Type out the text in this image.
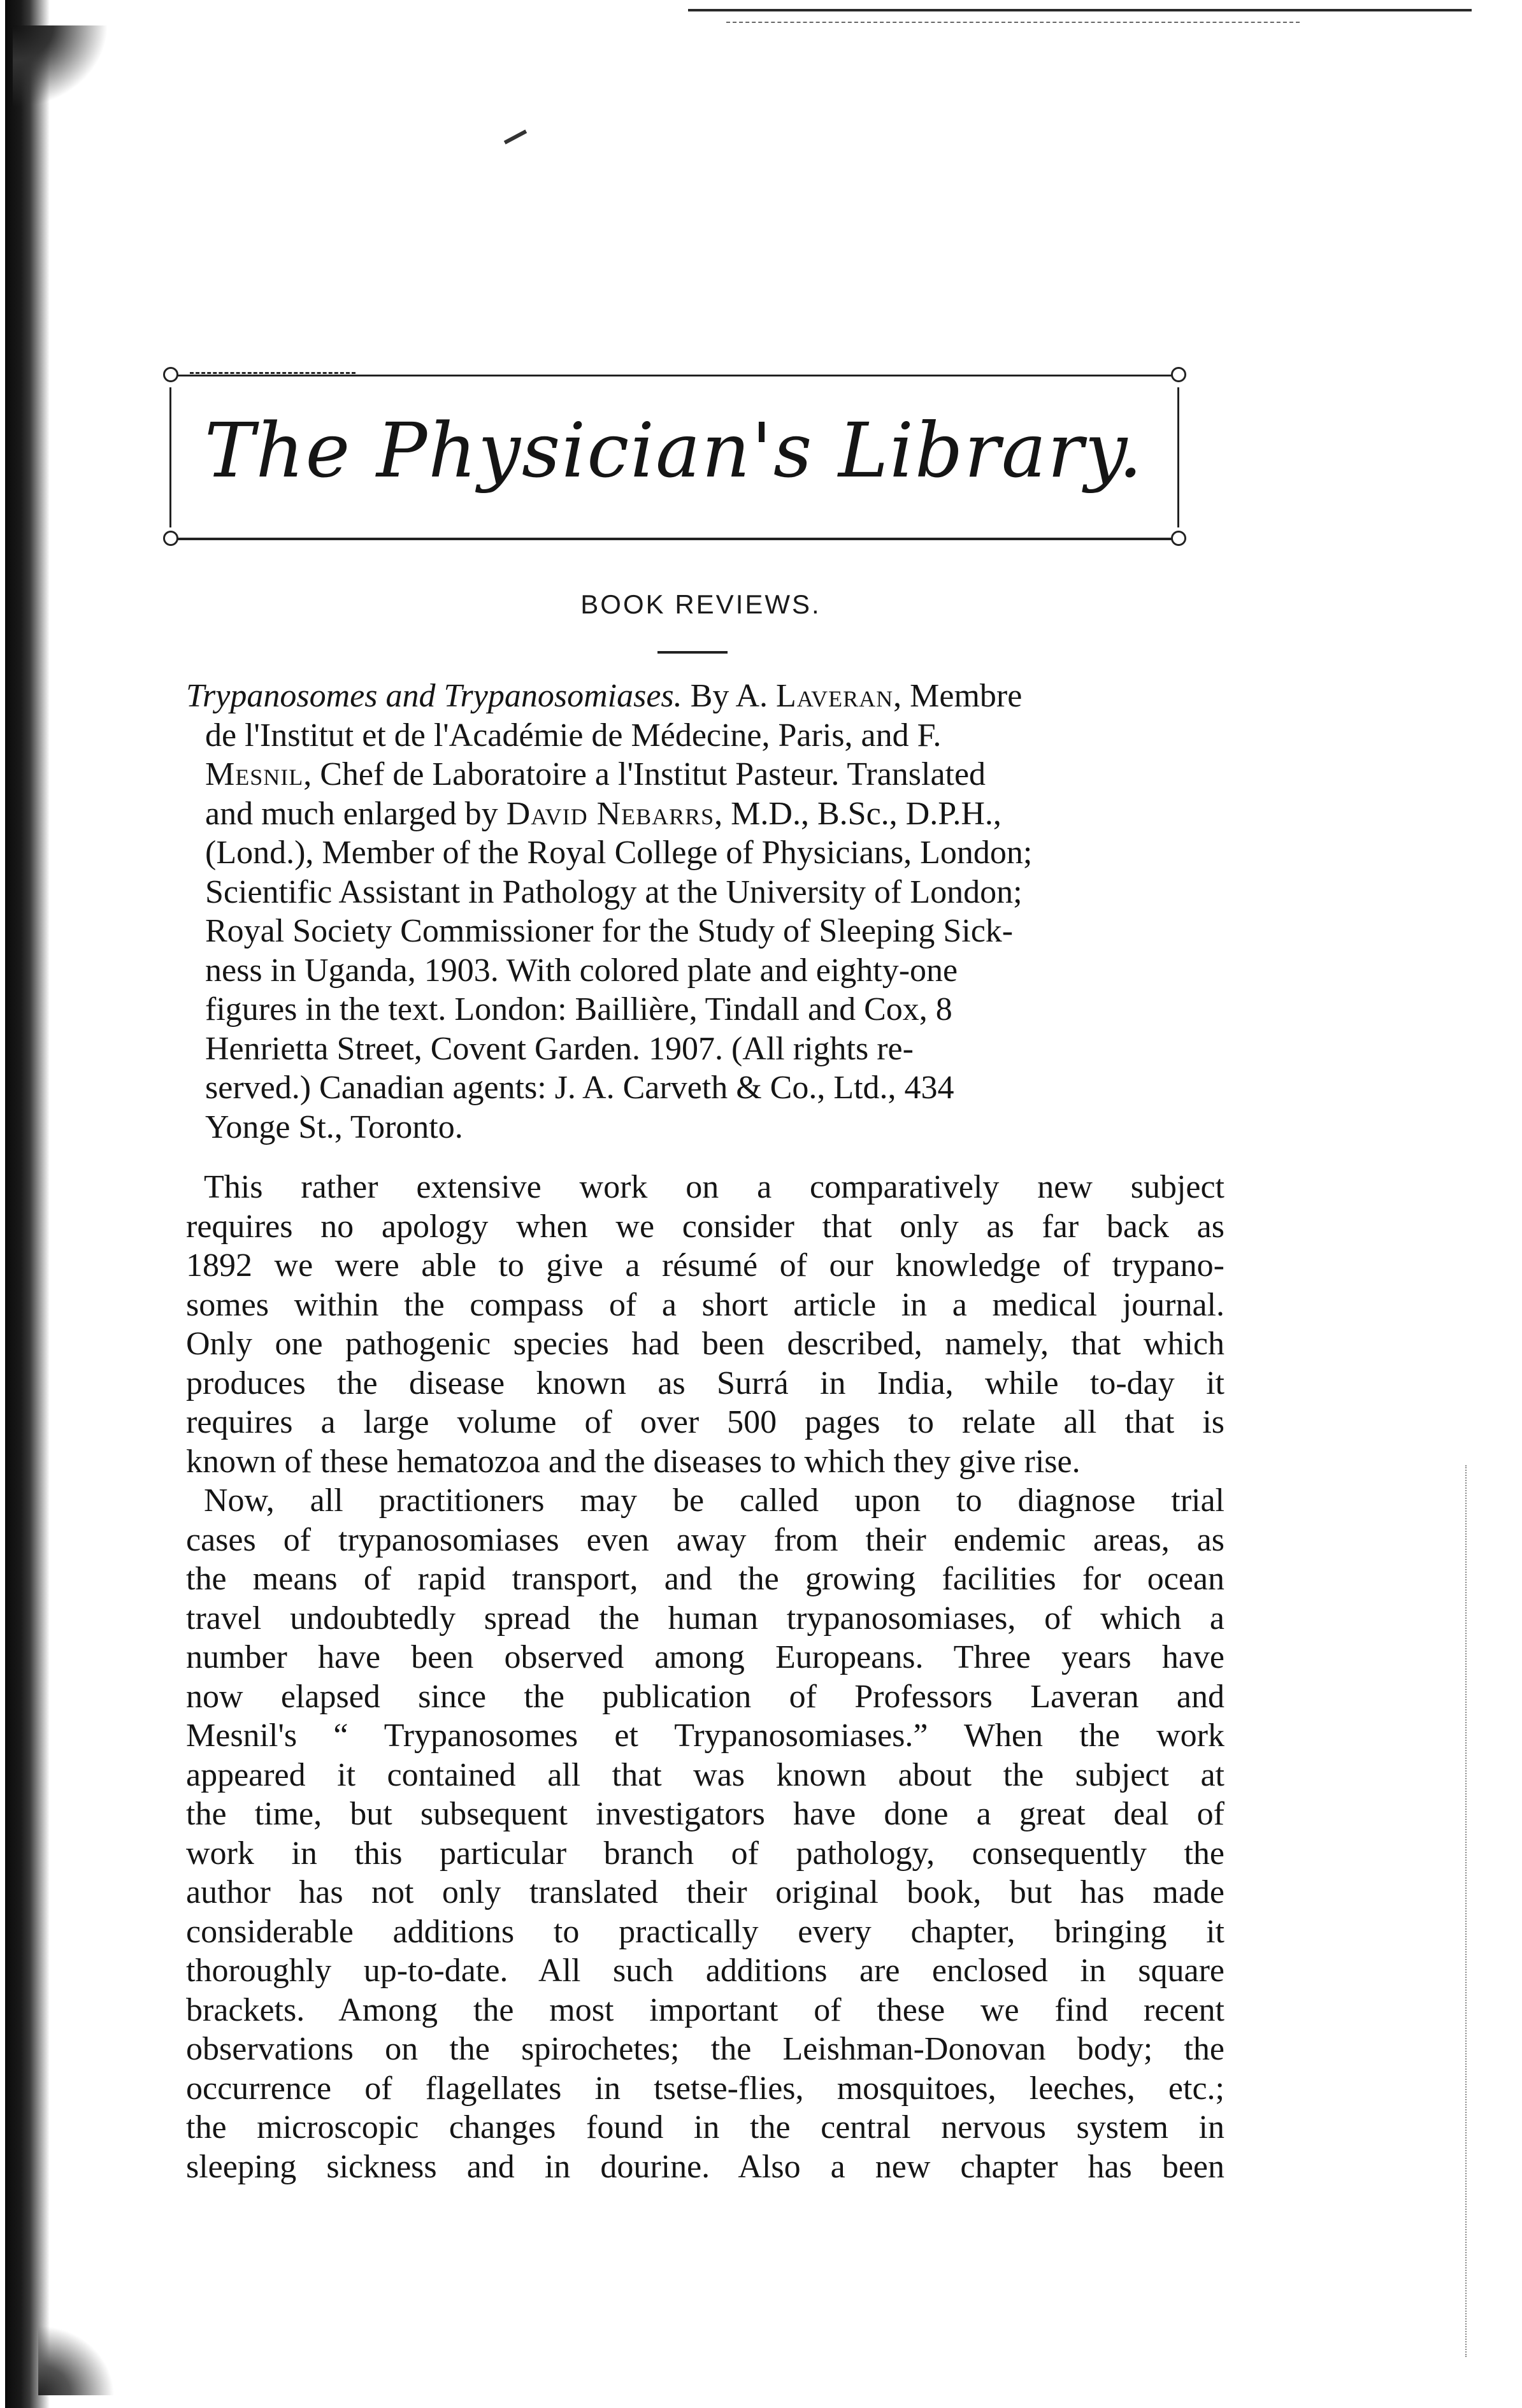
The Physician's Library.
BOOK REVIEWS.
Trypanosomes and Trypanosomiases. By A. Laveran, Membre
de l'Institut et de l'Académie de Médecine, Paris, and F.
Mesnil, Chef de Laboratoire a l'Institut Pasteur. Translated
and much enlarged by David Nebarrs, M.D., B.Sc., D.P.H.,
(Lond.), Member of the Royal College of Physicians, London;
Scientific Assistant in Pathology at the University of London;
Royal Society Commissioner for the Study of Sleeping Sick-
ness in Uganda, 1903. With colored plate and eighty-one
figures in the text. London: Baillière, Tindall and Cox, 8
Henrietta Street, Covent Garden. 1907. (All rights re-
served.) Canadian agents: J. A. Carveth & Co., Ltd., 434
Yonge St., Toronto.

This rather extensive work on a comparatively new subject
requires no apology when we consider that only as far back as
1892 we were able to give a résumé of our knowledge of trypano-
somes within the compass of a short article in a medical journal.
Only one pathogenic species had been described, namely, that which
produces the disease known as Surrá in India, while to-day it
requires a large volume of over 500 pages to relate all that is
known of these hematozoa and the diseases to which they give rise.

Now, all practitioners may be called upon to diagnose trial
cases of trypanosomiases even away from their endemic areas, as
the means of rapid transport, and the growing facilities for ocean
travel undoubtedly spread the human trypanosomiases, of which a
number have been observed among Europeans. Three years have
now elapsed since the publication of Professors Laveran and
Mesnil's “ Trypanosomes et Trypanosomiases.” When the work
appeared it contained all that was known about the subject at
the time, but subsequent investigators have done a great deal of
work in this particular branch of pathology, consequently the
author has not only translated their original book, but has made
considerable additions to practically every chapter, bringing it
thoroughly up-to-date. All such additions are enclosed in square
brackets. Among the most important of these we find recent
observations on the spirochetes; the Leishman-Donovan body; the
occurrence of flagellates in tsetse-flies, mosquitoes, leeches, etc.;
the microscopic changes found in the central nervous system in
sleeping sickness and in dourine. Also a new chapter has been
